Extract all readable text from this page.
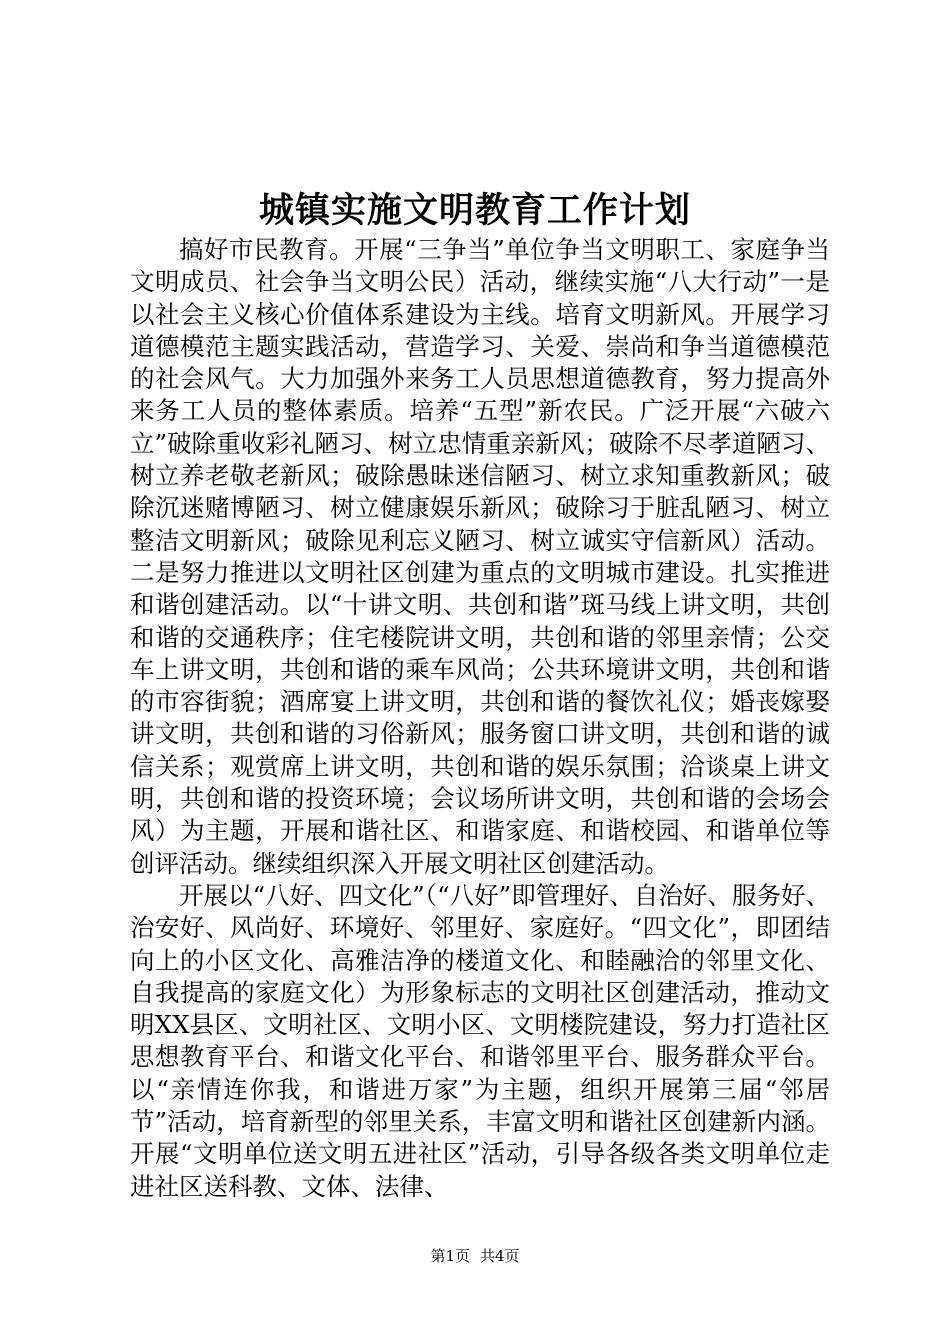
城镇实施文明教育工作计划

搞好市民教育。开展“三争当”单位争当文明职工、家庭争当文明成员、社会争当文明公民）活动，继续实施“八大行动”一是以社会主义核心价值体系建设为主线。培育文明新风。开展学习道德模范主题实践活动，营造学习、关爱、崇尚和争当道德模范的社会风气。大力加强外来务工人员思想道德教育，努力提高外来务工人员的整体素质。培养“五型”新农民。广泛开展“六破六立”破除重收彩礼陋习、树立忠情重亲新风；破除不尽孝道陋习、树立养老敬老新风；破除愚昧迷信陋习、树立求知重教新风；破除沉迷赌博陋习、树立健康娱乐新风；破除习于脏乱陋习、树立整洁文明新风；破除见利忘义陋习、树立诚实守信新风）活动。二是努力推进以文明社区创建为重点的文明城市建设。扎实推进和谐创建活动。以“十讲文明、共创和谐”斑马线上讲文明，共创和谐的交通秩序；住宅楼院讲文明，共创和谐的邻里亲情；公交车上讲文明，共创和谐的乘车风尚；公共环境讲文明，共创和谐的市容街貌；酒席宴上讲文明，共创和谐的餐饮礼仪；婚丧嫁娶讲文明，共创和谐的习俗新风；服务窗口讲文明，共创和谐的诚信关系；观赏席上讲文明，共创和谐的娱乐氛围；洽谈桌上讲文明，共创和谐的投资环境；会议场所讲文明，共创和谐的会场会风）为主题，开展和谐社区、和谐家庭、和谐校园、和谐单位等创评活动。继续组织深入开展文明社区创建活动。

开展以“八好、四文化”（“八好”即管理好、自治好、服务好、治安好、风尚好、环境好、邻里好、家庭好。“四文化”，即团结向上的小区文化、高雅洁净的楼道文化、和睦融洽的邻里文化、自我提高的家庭文化）为形象标志的文明社区创建活动，推动文明XX县区、文明社区、文明小区、文明楼院建设，努力打造社区思想教育平台、和谐文化平台、和谐邻里平台、服务群众平台。以“亲情连你我，和谐进万家”为主题，组织开展第三届“邻居节”活动，培育新型的邻里关系，丰富文明和谐社区创建新内涵。开展“文明单位送文明五进社区”活动，引导各级各类文明单位走进社区送科教、文体、法律、

第1页 共4页
